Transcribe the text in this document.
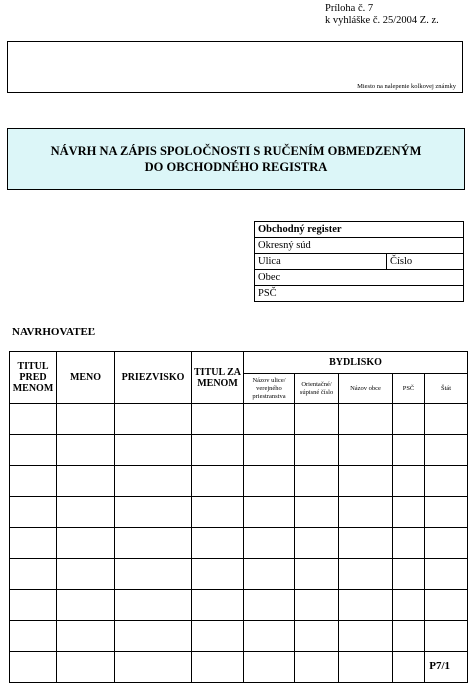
Príloha č. 7
k vyhláške č. 25/2004 Z. z.
Miesto na nalepenie kolkovej známky
NÁVRH NA ZÁPIS SPOLOČNOSTI S RUČENÍM OBMEDZENÝM
DO OBCHODNÉHO REGISTRA
Obchodný register
Okresný súd
Ulica	Číslo
Obec
PSČ
NAVRHOVATEĽ
TITUL PRED MENOM	MENO	PRIEZVISKO	TITUL ZA MENOM	BYDLISKO				
				Názov ulice/ verejného priestranstva	Orientačné/ súpisné číslo	Názov obce	PSČ	Štát

P7/1
